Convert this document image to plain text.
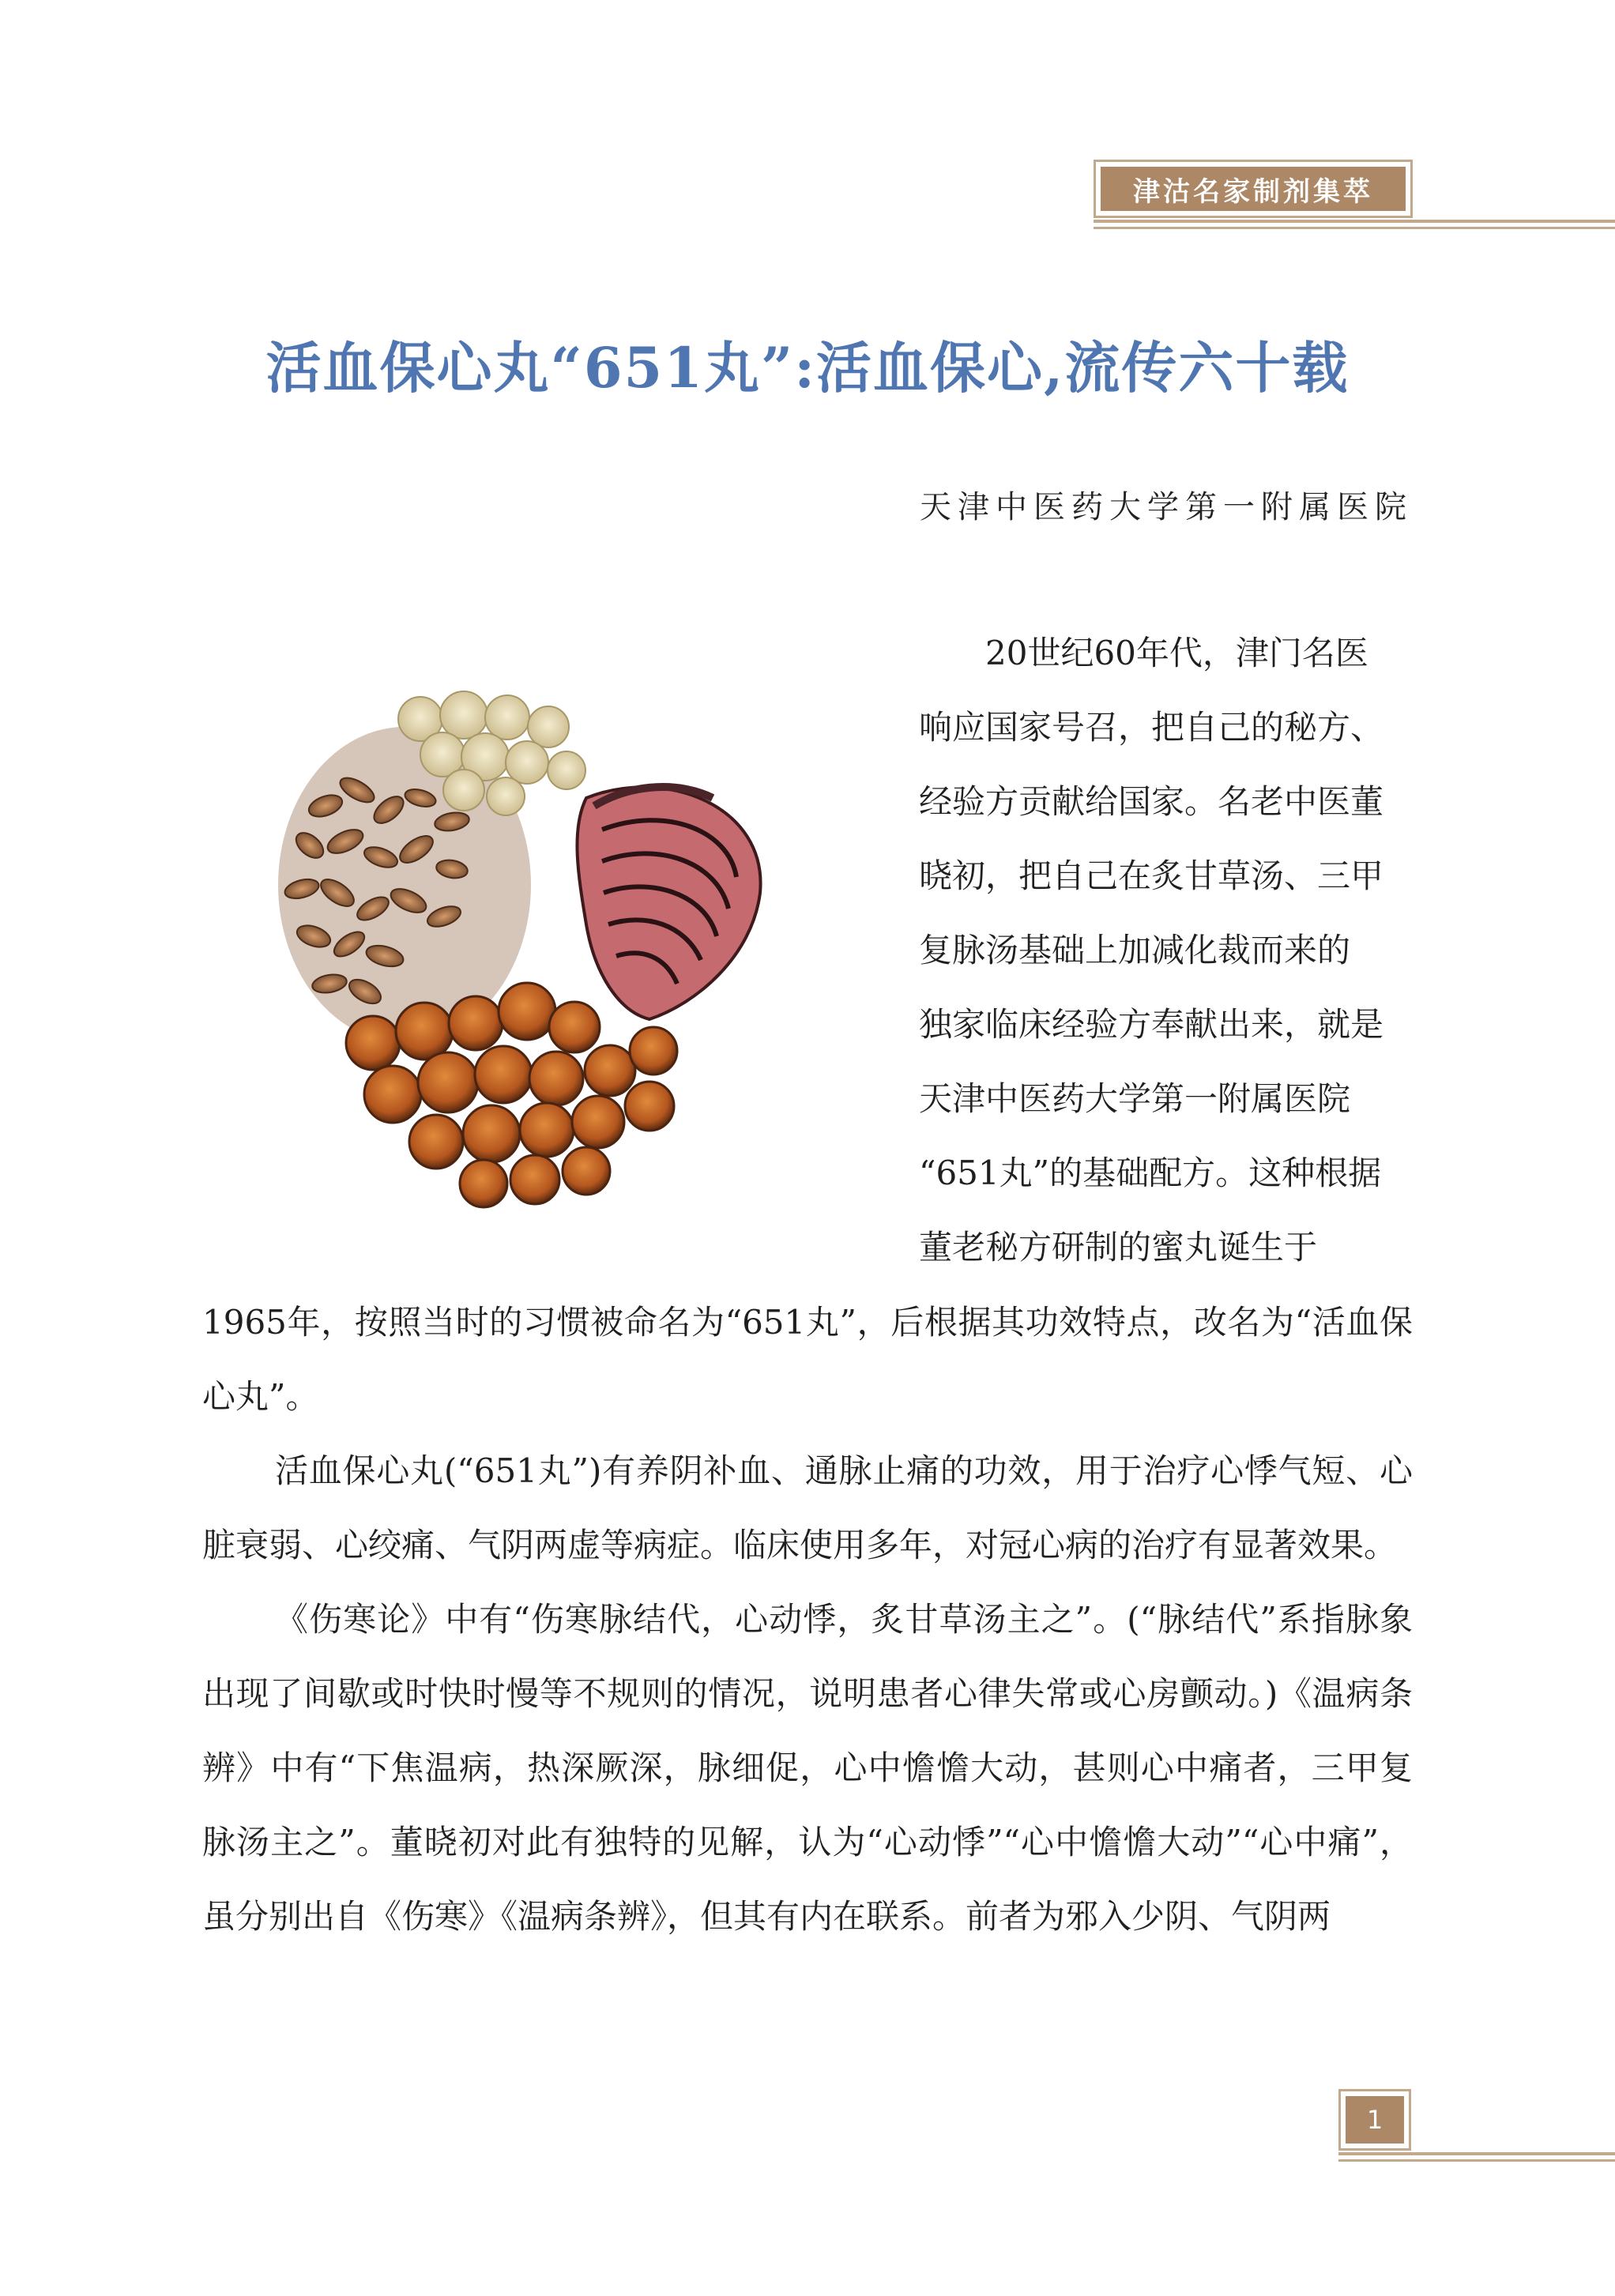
津沽名家制剂集萃
活血保心丸“651丸”:活血保心,流传六十载
天津中医药大学第一附属医院
20世纪60年代，津门名医
响应国家号召，把自己的秘方、
经验方贡献给国家。名老中医董
晓初，把自己在炙甘草汤、三甲
复脉汤基础上加减化裁而来的
独家临床经验方奉献出来，就是
天津中医药大学第一附属医院
“651丸”的基础配方。这种根据
董老秘方研制的蜜丸诞生于

1965年，按照当时的习惯被命名为“651丸”，后根据其功效特点，改名为“活血保心丸”。

活血保心丸(“651丸”)有养阴补血、通脉止痛的功效，用于治疗心悸气短、心脏衰弱、心绞痛、气阴两虚等病症。临床使用多年，对冠心病的治疗有显著效果。

《伤寒论》中有“伤寒脉结代，心动悸，炙甘草汤主之”。(“脉结代”系指脉象出现了间歇或时快时慢等不规则的情况，说明患者心律失常或心房颤动。)《温病条辨》中有“下焦温病，热深厥深，脉细促，心中憺憺大动，甚则心中痛者，三甲复脉汤主之”。董晓初对此有独特的见解，认为“心动悸”“心中憺憺大动”“心中痛”，虽分别出自《伤寒》《温病条辨》，但其有内在联系。前者为邪入少阴、气阴两

1
